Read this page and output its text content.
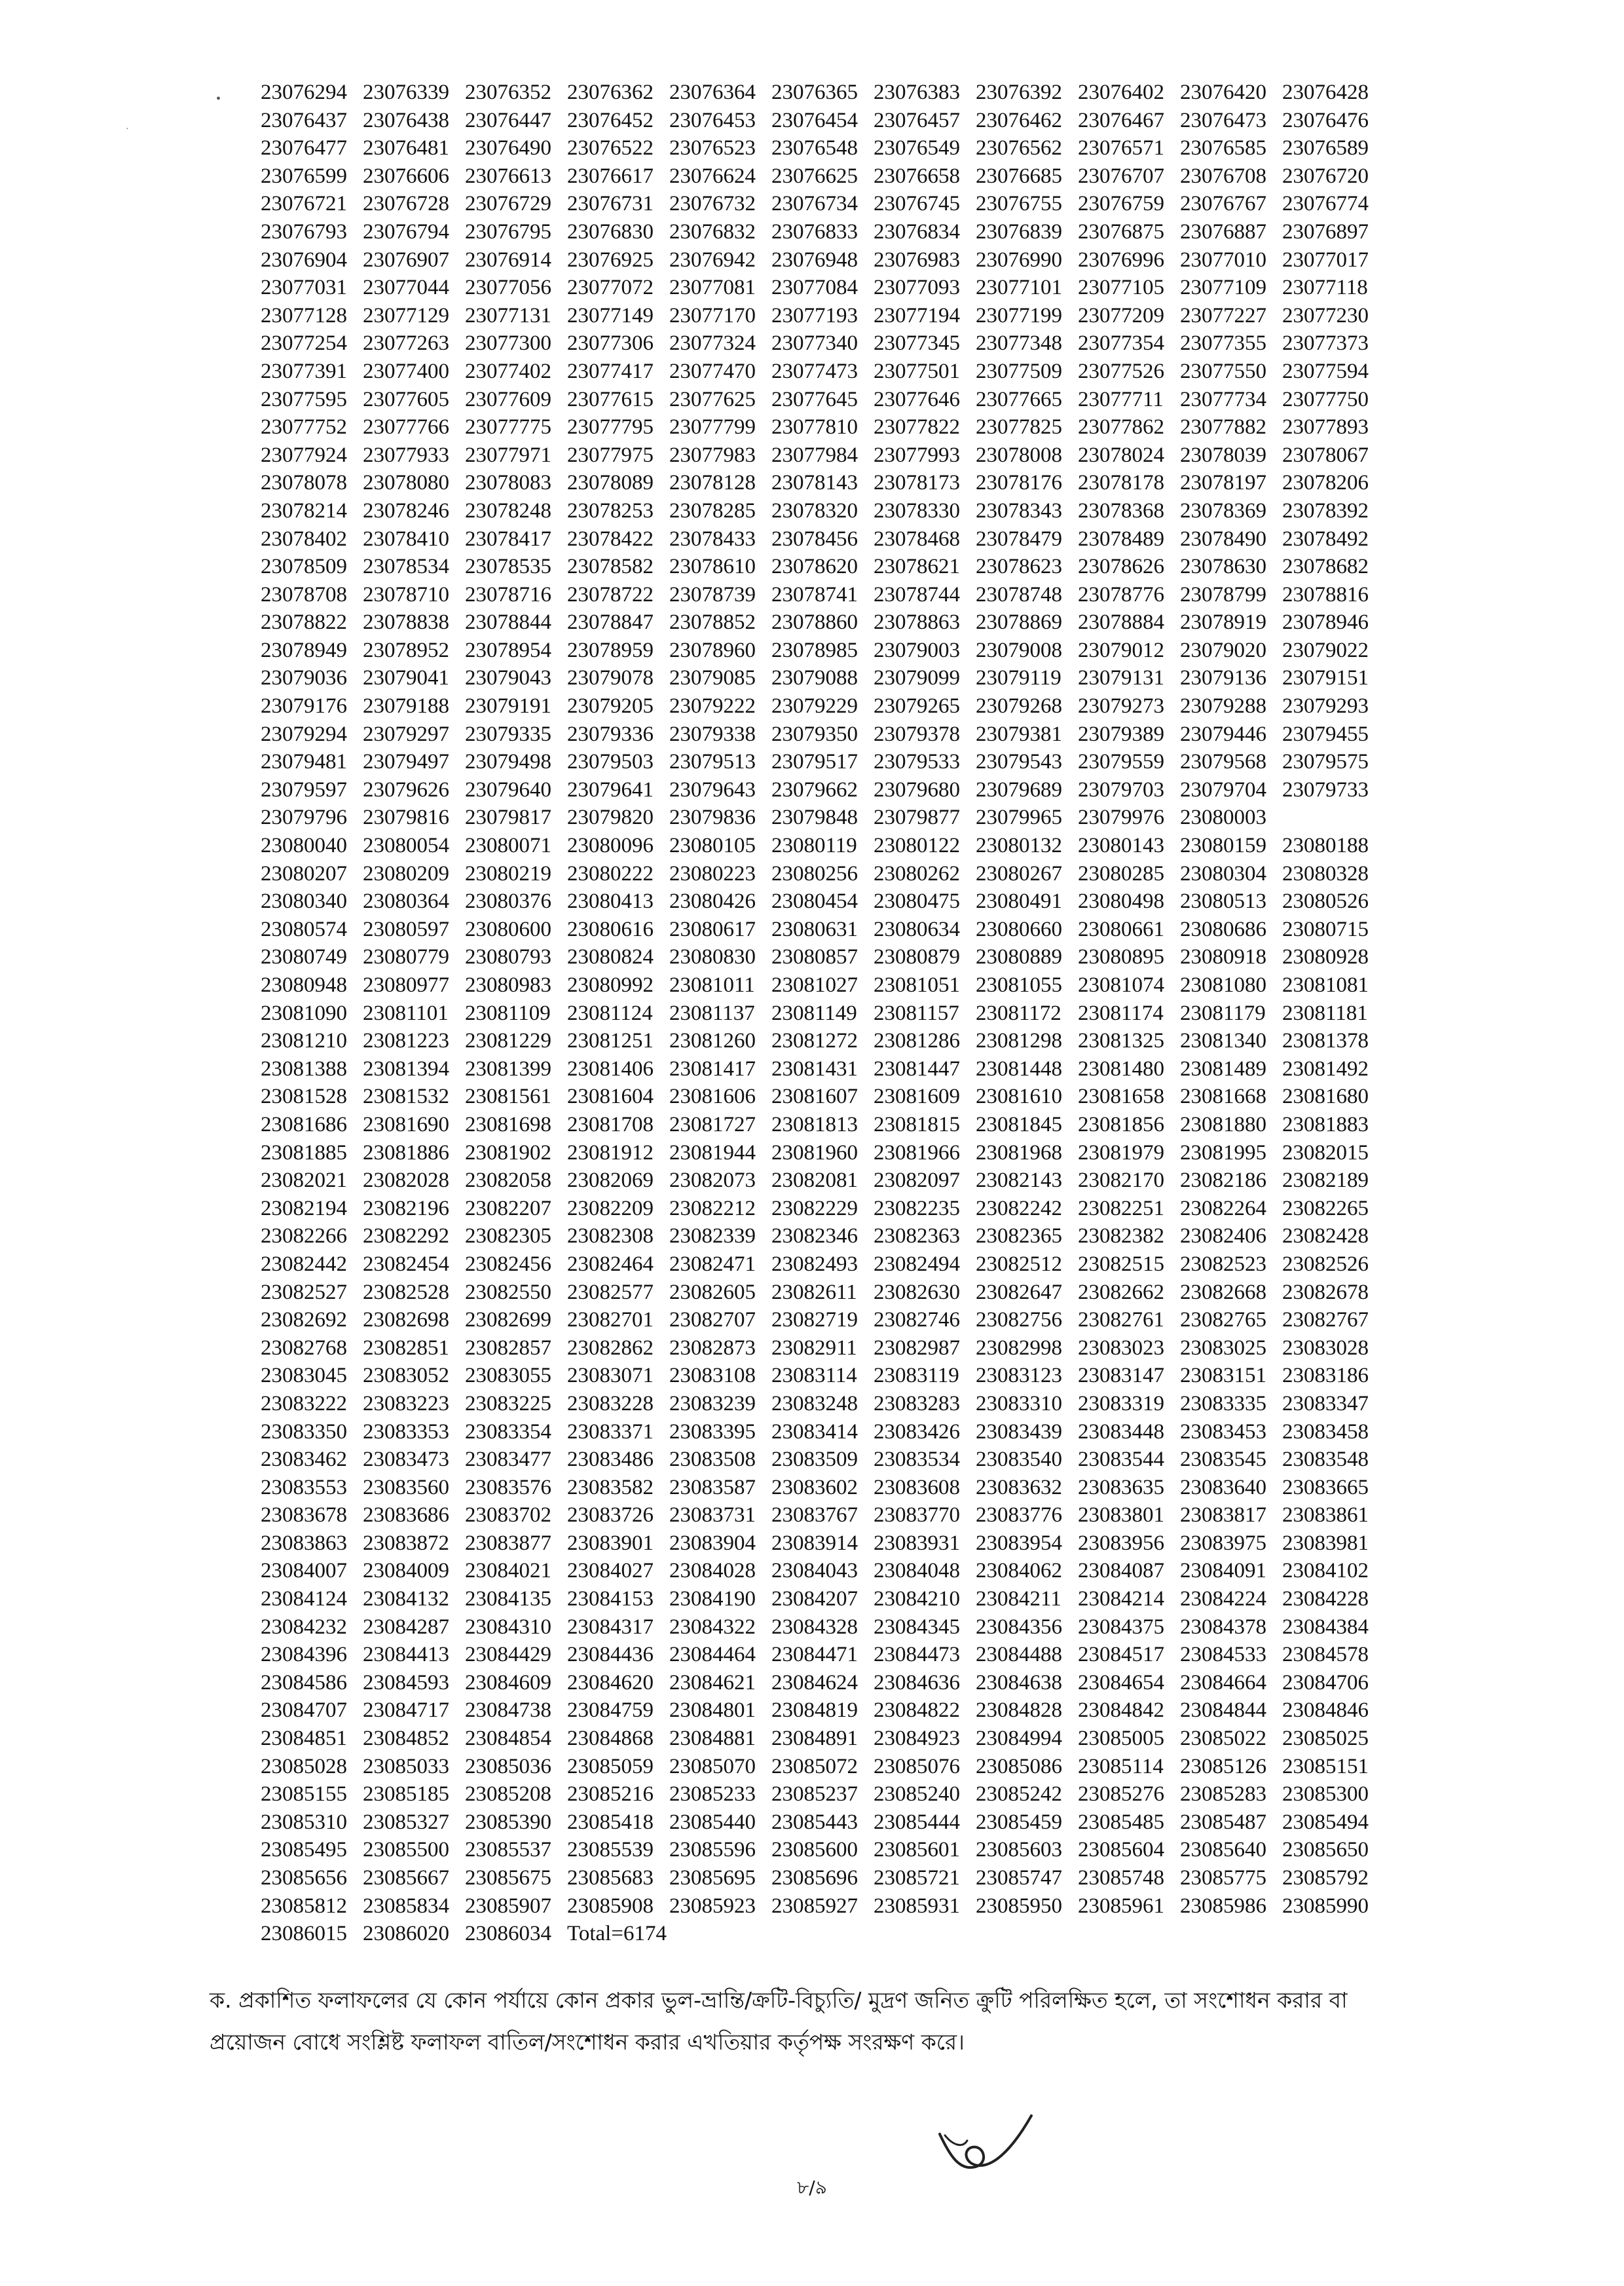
•
·
23076294 23076339 23076352 23076362 23076364 23076365 23076383 23076392 23076402 23076420 23076428
23076437 23076438 23076447 23076452 23076453 23076454 23076457 23076462 23076467 23076473 23076476
23076477 23076481 23076490 23076522 23076523 23076548 23076549 23076562 23076571 23076585 23076589
23076599 23076606 23076613 23076617 23076624 23076625 23076658 23076685 23076707 23076708 23076720
23076721 23076728 23076729 23076731 23076732 23076734 23076745 23076755 23076759 23076767 23076774
23076793 23076794 23076795 23076830 23076832 23076833 23076834 23076839 23076875 23076887 23076897
23076904 23076907 23076914 23076925 23076942 23076948 23076983 23076990 23076996 23077010 23077017
23077031 23077044 23077056 23077072 23077081 23077084 23077093 23077101 23077105 23077109 23077118
23077128 23077129 23077131 23077149 23077170 23077193 23077194 23077199 23077209 23077227 23077230
23077254 23077263 23077300 23077306 23077324 23077340 23077345 23077348 23077354 23077355 23077373
23077391 23077400 23077402 23077417 23077470 23077473 23077501 23077509 23077526 23077550 23077594
23077595 23077605 23077609 23077615 23077625 23077645 23077646 23077665 23077711 23077734 23077750
23077752 23077766 23077775 23077795 23077799 23077810 23077822 23077825 23077862 23077882 23077893
23077924 23077933 23077971 23077975 23077983 23077984 23077993 23078008 23078024 23078039 23078067
23078078 23078080 23078083 23078089 23078128 23078143 23078173 23078176 23078178 23078197 23078206
23078214 23078246 23078248 23078253 23078285 23078320 23078330 23078343 23078368 23078369 23078392
23078402 23078410 23078417 23078422 23078433 23078456 23078468 23078479 23078489 23078490 23078492
23078509 23078534 23078535 23078582 23078610 23078620 23078621 23078623 23078626 23078630 23078682
23078708 23078710 23078716 23078722 23078739 23078741 23078744 23078748 23078776 23078799 23078816
23078822 23078838 23078844 23078847 23078852 23078860 23078863 23078869 23078884 23078919 23078946
23078949 23078952 23078954 23078959 23078960 23078985 23079003 23079008 23079012 23079020 23079022
23079036 23079041 23079043 23079078 23079085 23079088 23079099 23079119 23079131 23079136 23079151
23079176 23079188 23079191 23079205 23079222 23079229 23079265 23079268 23079273 23079288 23079293
23079294 23079297 23079335 23079336 23079338 23079350 23079378 23079381 23079389 23079446 23079455
23079481 23079497 23079498 23079503 23079513 23079517 23079533 23079543 23079559 23079568 23079575
23079597 23079626 23079640 23079641 23079643 23079662 23079680 23079689 23079703 23079704 23079733
23079796 23079816 23079817 23079820 23079836 23079848 23079877 23079965 23079976 23080003
23080040 23080054 23080071 23080096 23080105 23080119 23080122 23080132 23080143 23080159 23080188
23080207 23080209 23080219 23080222 23080223 23080256 23080262 23080267 23080285 23080304 23080328
23080340 23080364 23080376 23080413 23080426 23080454 23080475 23080491 23080498 23080513 23080526
23080574 23080597 23080600 23080616 23080617 23080631 23080634 23080660 23080661 23080686 23080715
23080749 23080779 23080793 23080824 23080830 23080857 23080879 23080889 23080895 23080918 23080928
23080948 23080977 23080983 23080992 23081011 23081027 23081051 23081055 23081074 23081080 23081081
23081090 23081101 23081109 23081124 23081137 23081149 23081157 23081172 23081174 23081179 23081181
23081210 23081223 23081229 23081251 23081260 23081272 23081286 23081298 23081325 23081340 23081378
23081388 23081394 23081399 23081406 23081417 23081431 23081447 23081448 23081480 23081489 23081492
23081528 23081532 23081561 23081604 23081606 23081607 23081609 23081610 23081658 23081668 23081680
23081686 23081690 23081698 23081708 23081727 23081813 23081815 23081845 23081856 23081880 23081883
23081885 23081886 23081902 23081912 23081944 23081960 23081966 23081968 23081979 23081995 23082015
23082021 23082028 23082058 23082069 23082073 23082081 23082097 23082143 23082170 23082186 23082189
23082194 23082196 23082207 23082209 23082212 23082229 23082235 23082242 23082251 23082264 23082265
23082266 23082292 23082305 23082308 23082339 23082346 23082363 23082365 23082382 23082406 23082428
23082442 23082454 23082456 23082464 23082471 23082493 23082494 23082512 23082515 23082523 23082526
23082527 23082528 23082550 23082577 23082605 23082611 23082630 23082647 23082662 23082668 23082678
23082692 23082698 23082699 23082701 23082707 23082719 23082746 23082756 23082761 23082765 23082767
23082768 23082851 23082857 23082862 23082873 23082911 23082987 23082998 23083023 23083025 23083028
23083045 23083052 23083055 23083071 23083108 23083114 23083119 23083123 23083147 23083151 23083186
23083222 23083223 23083225 23083228 23083239 23083248 23083283 23083310 23083319 23083335 23083347
23083350 23083353 23083354 23083371 23083395 23083414 23083426 23083439 23083448 23083453 23083458
23083462 23083473 23083477 23083486 23083508 23083509 23083534 23083540 23083544 23083545 23083548
23083553 23083560 23083576 23083582 23083587 23083602 23083608 23083632 23083635 23083640 23083665
23083678 23083686 23083702 23083726 23083731 23083767 23083770 23083776 23083801 23083817 23083861
23083863 23083872 23083877 23083901 23083904 23083914 23083931 23083954 23083956 23083975 23083981
23084007 23084009 23084021 23084027 23084028 23084043 23084048 23084062 23084087 23084091 23084102
23084124 23084132 23084135 23084153 23084190 23084207 23084210 23084211 23084214 23084224 23084228
23084232 23084287 23084310 23084317 23084322 23084328 23084345 23084356 23084375 23084378 23084384
23084396 23084413 23084429 23084436 23084464 23084471 23084473 23084488 23084517 23084533 23084578
23084586 23084593 23084609 23084620 23084621 23084624 23084636 23084638 23084654 23084664 23084706
23084707 23084717 23084738 23084759 23084801 23084819 23084822 23084828 23084842 23084844 23084846
23084851 23084852 23084854 23084868 23084881 23084891 23084923 23084994 23085005 23085022 23085025
23085028 23085033 23085036 23085059 23085070 23085072 23085076 23085086 23085114 23085126 23085151
23085155 23085185 23085208 23085216 23085233 23085237 23085240 23085242 23085276 23085283 23085300
23085310 23085327 23085390 23085418 23085440 23085443 23085444 23085459 23085485 23085487 23085494
23085495 23085500 23085537 23085539 23085596 23085600 23085601 23085603 23085604 23085640 23085650
23085656 23085667 23085675 23085683 23085695 23085696 23085721 23085747 23085748 23085775 23085792
23085812 23085834 23085907 23085908 23085923 23085927 23085931 23085950 23085961 23085986 23085990
23086015 23086020 23086034 Total=6174

ক. প্রকাশিত ফলাফলের যে কোন পর্যায়ে কোন প্রকার ভুল-ভ্রান্তি/ক্রটি-বিচ্যুতি/ মুদ্রণ জনিত ক্রুটি পরিলক্ষিত হলে, তা সংশোধন করার বা

প্রয়োজন বোধে সংশ্লিষ্ট ফলাফল বাতিল/সংশোধন করার এখতিয়ার কর্তৃপক্ষ সংরক্ষণ করে।

৮/৯
